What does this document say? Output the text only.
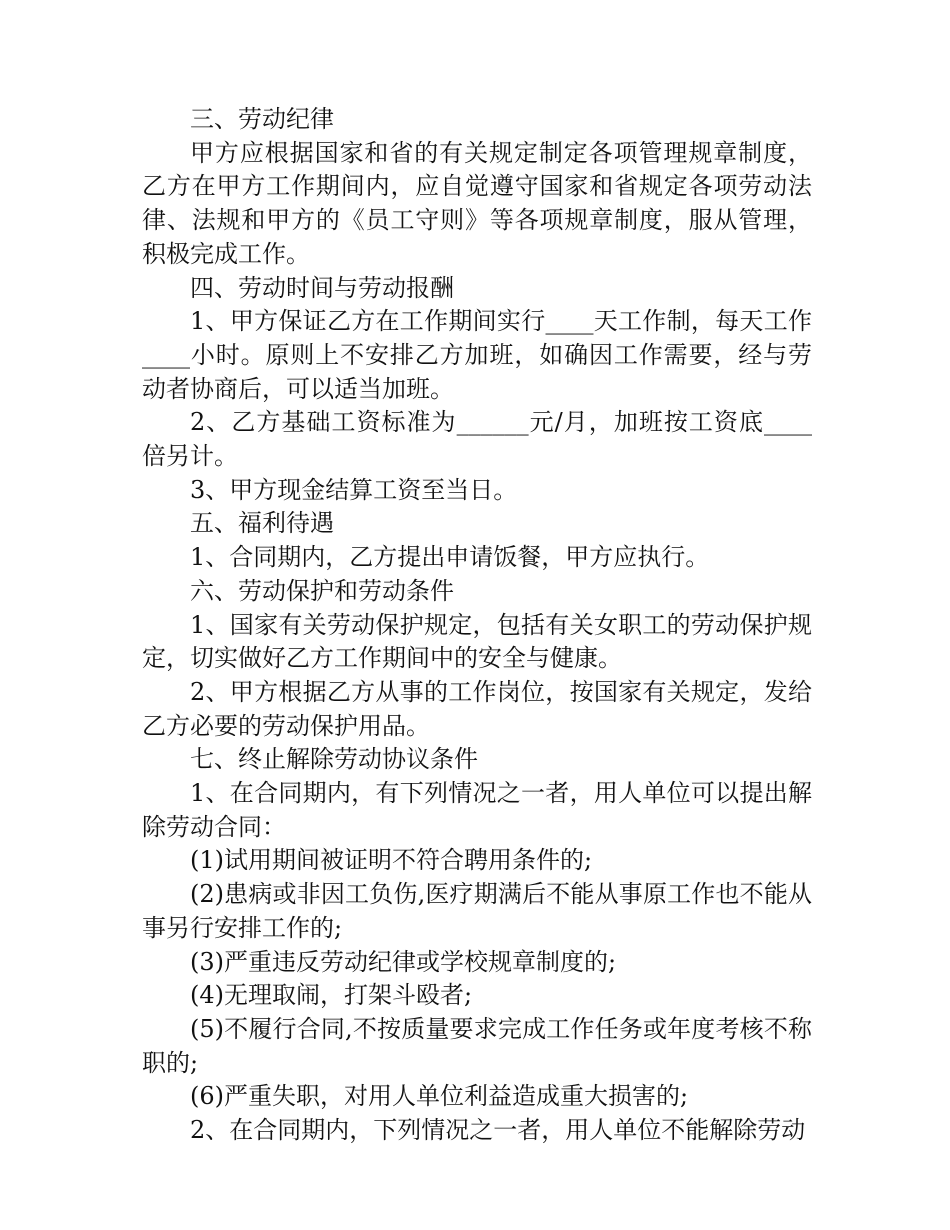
三、劳动纪律

甲方应根据国家和省的有关规定制定各项管理规章制度，乙方在甲方工作期间内，应自觉遵守国家和省规定各项劳动法律、法规和甲方的《员工守则》等各项规章制度，服从管理，积极完成工作。

四、劳动时间与劳动报酬

1、甲方保证乙方在工作期间实行____天工作制，每天工作____小时。原则上不安排乙方加班，如确因工作需要，经与劳动者协商后，可以适当加班。

2、乙方基础工资标准为______元/月，加班按工资底____倍另计。

3、甲方现金结算工资至当日。

五、福利待遇

1、合同期内，乙方提出申请饭餐，甲方应执行。

六、劳动保护和劳动条件

1、国家有关劳动保护规定，包括有关女职工的劳动保护规定，切实做好乙方工作期间中的安全与健康。

2、甲方根据乙方从事的工作岗位，按国家有关规定，发给乙方必要的劳动保护用品。

七、终止解除劳动协议条件

1、在合同期内，有下列情况之一者，用人单位可以提出解除劳动合同：

(1)试用期间被证明不符合聘用条件的;

(2)患病或非因工负伤,医疗期满后不能从事原工作也不能从事另行安排工作的;

(3)严重违反劳动纪律或学校规章制度的;

(4)无理取闹，打架斗殴者;

(5)不履行合同,不按质量要求完成工作任务或年度考核不称职的;

(6)严重失职，对用人单位利益造成重大损害的;

2、在合同期内，下列情况之一者，用人单位不能解除劳动
